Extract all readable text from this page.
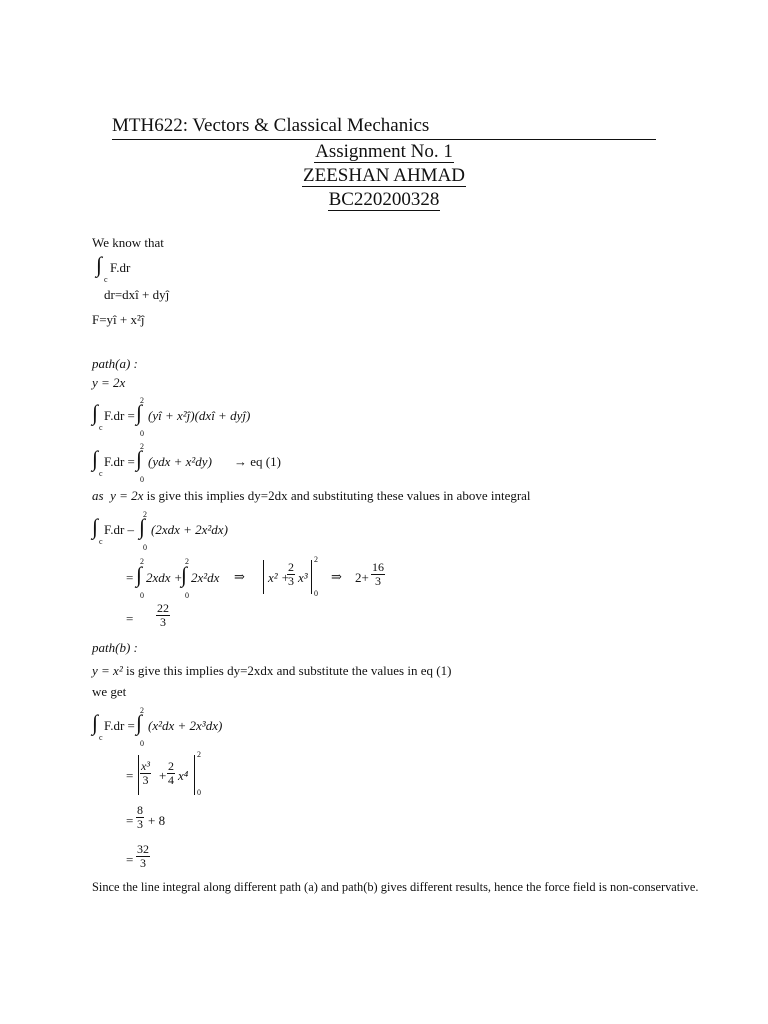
MTH622: Vectors & Classical Mechanics
Assignment No. 1
ZEESHAN AHMAD
BC220200328
We know that
∫
c
F.dr
dr=dxî + dyĵ
F=yî + x²ĵ
path(a) :
y = 2x
∫
c
F.dr =
2
∫
0
(yî + x²ĵ)(dxî + dyĵ)
∫
c
F.dr =
2
∫
0
(ydx + x²dy) → eq (1)
as y = 2x is give this implies dy=2dx and substituting these values in above integral
∫
c
F.dr –
2
∫
0
(2xdx + 2x²dx)
=
2
∫
0
2xdx +
2
∫
0
2x²dx ⇒ x² +
$\frac{2}{3} x^3$
2
0
⇒ $2+ \frac{16}{3}$
= $\frac{22}{3}$
path(b) :
y = x² is give this implies dy=2xdx and substitute the values in eq (1)
we get
∫
c
F.dr =
2
∫
0
(x²dx + 2x³dx)
= $\frac{\text{x³}}{3} + \frac{2}{4} x^4$
2
0
= $\frac{8}{3} + 8$
= $\frac{32}{3}$
Since the line integral along different path (a) and path(b) gives different results, hence the force field is non-conservative.
